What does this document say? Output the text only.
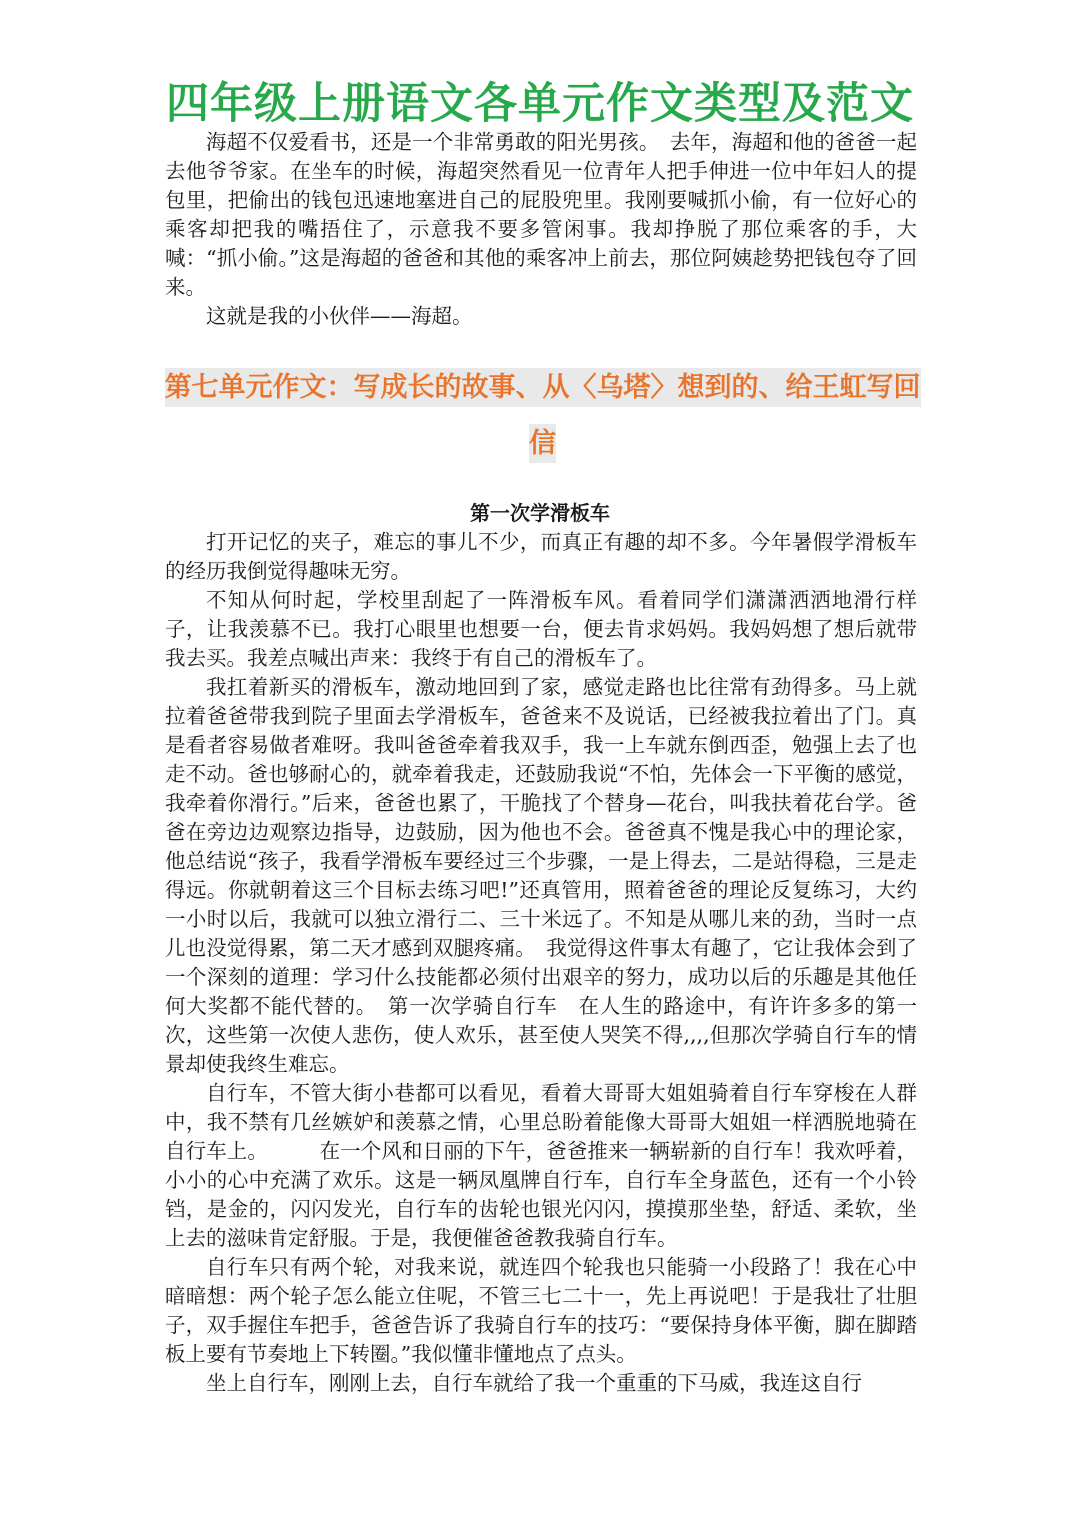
四年级上册语文各单元作文类型及范文

海超不仅爱看书，还是一个非常勇敢的阳光男孩。　去年，海超和他的爸爸一起去他爷爷家。在坐车的时候，海超突然看见一位青年人把手伸进一位中年妇人的提包里，把偷出的钱包迅速地塞进自己的屁股兜里。我刚要喊抓小偷，有一位好心的乘客却把我的嘴捂住了，示意我不要多管闲事。我却挣脱了那位乘客的手，大喊：“抓小偷。”这是海超的爸爸和其他的乘客冲上前去，那位阿姨趁势把钱包夺了回来。

这就是我的小伙伴——海超。

第七单元作文：写成长的故事、从〈乌塔〉想到的、给王虹写回信
第一次学滑板车

打开记忆的夹子，难忘的事儿不少，而真正有趣的却不多。今年暑假学滑板车的经历我倒觉得趣味无穷。

不知从何时起，学校里刮起了一阵滑板车风。看着同学们潇潇洒洒地滑行样子，让我羡慕不已。我打心眼里也想要一台，便去肯求妈妈。我妈妈想了想后就带我去买。我差点喊出声来：我终于有自己的滑板车了。

我扛着新买的滑板车，激动地回到了家，感觉走路也比往常有劲得多。马上就拉着爸爸带我到院子里面去学滑板车，爸爸来不及说话，已经被我拉着出了门。真是看者容易做者难呀。我叫爸爸牵着我双手，我一上车就东倒西歪，勉强上去了也走不动。爸也够耐心的，就牵着我走，还鼓励我说“不怕，先体会一下平衡的感觉，我牵着你滑行。”后来，爸爸也累了，干脆找了个替身—花台，叫我扶着花台学。爸爸在旁边边观察边指导，边鼓励，因为他也不会。爸爸真不愧是我心中的理论家，他总结说“孩子，我看学滑板车要经过三个步骤，一是上得去，二是站得稳，三是走得远。你就朝着这三个目标去练习吧!”还真管用，照着爸爸的理论反复练习，大约一小时以后，我就可以独立滑行二、三十米远了。不知是从哪儿来的劲，当时一点儿也没觉得累，第二天才感到双腿疼痛。　我觉得这件事太有趣了，它让我体会到了一个深刻的道理：学习什么技能都必须付出艰辛的努力，成功以后的乐趣是其他任何大奖都不能代替的。　第一次学骑自行车　在人生的路途中，有许许多多的第一次，这些第一次使人悲伤，使人欢乐，甚至使人哭笑不得,,,,但那次学骑自行车的情景却使我终生难忘。

自行车，不管大街小巷都可以看见，看着大哥哥大姐姐骑着自行车穿梭在人群中，我不禁有几丝嫉妒和羡慕之情，心里总盼着能像大哥哥大姐姐一样洒脱地骑在自行车上。　　　在一个风和日丽的下午，爸爸推来一辆崭新的自行车！我欢呼着，小小的心中充满了欢乐。这是一辆凤凰牌自行车，自行车全身蓝色，还有一个小铃铛，是金的，闪闪发光，自行车的齿轮也银光闪闪，摸摸那坐垫，舒适、柔软，坐上去的滋味肯定舒服。于是，我便催爸爸教我骑自行车。

自行车只有两个轮，对我来说，就连四个轮我也只能骑一小段路了！我在心中暗暗想：两个轮子怎么能立住呢，不管三七二十一，先上再说吧！于是我壮了壮胆子，双手握住车把手，爸爸告诉了我骑自行车的技巧：“要保持身体平衡，脚在脚踏板上要有节奏地上下转圈。”我似懂非懂地点了点头。

坐上自行车，刚刚上去，自行车就给了我一个重重的下马威，我连这自行
